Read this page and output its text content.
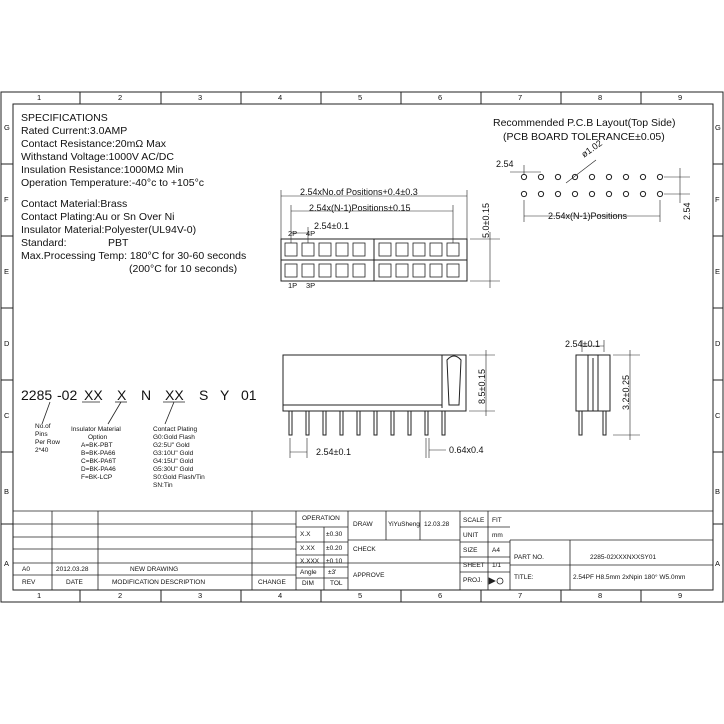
1	2	3	4	5	6	7	8	9
1	2	3	4	5	6	7	8	9
G
F
E
D
C
B
A
G
F
E
D
C
B
A
SPECIFICATIONS
Rated Current:3.0AMP
Contact Resistance:20mΩ Max
Withstand Voltage:1000V AC/DC
Insulation Resistance:1000MΩ Min
Operation Temperature:-40°c to +105°c
Contact Material:Brass
Contact Plating:Au or Sn Over Ni
Insulator Material:Polyester(UL94V-0)
Standard:	PBT
Max.Processing Temp: 180°C for 30-60 seconds
(200°C for 10 seconds)
Recommended P.C.B Layout(Top Side)
(PCB BOARD TOLERANCE±0.05)
2.54
ø1.02
2.54x(N-1)Positions	2.54
2.54xNo.of Positions+0.4±0.3
2.54x(N-1)Positions±0.15
2.54±0.1	5.0±0.15
2P 4P
1P 3P
8.5±0.15
2.54±0.1	0.64x0.4
2.54±0.1
3.2±0.25
2285 -02 XX X N XX S Y 01
No.of
Pins
Per Row
2*40
Insulator Material
Option
A=BK-PBT
B=BK-PA66
C=BK-PA6T
D=BK-PA46
F=BK-LCP
Contact Plating
G0:Gold Flash
G2:5U" Gold
G3:10U" Gold
G4:15U" Gold
G5:30U" Gold
S0:Gold Flash/Tin
SN:Tin
OPERATION
X.X ±0.30
X.XX ±0.20
X.XXX ±0.10
Angle ±3'
DIM TOL
DRAW YiYuSheng 12.03.28
CHECK
APPROVE
SCALE FIT
UNIT mm
SIZE A4
SHEET 1/1
PROJ.
PART NO.	2285-02XXXNXXSY01
TITLE:	2.54PF H8.5mm 2xNpin 180° W5.0mm
A0	2012.03.28	NEW DRAWING
REV	DATE	MODIFICATION DESCRIPTION	CHANGE
